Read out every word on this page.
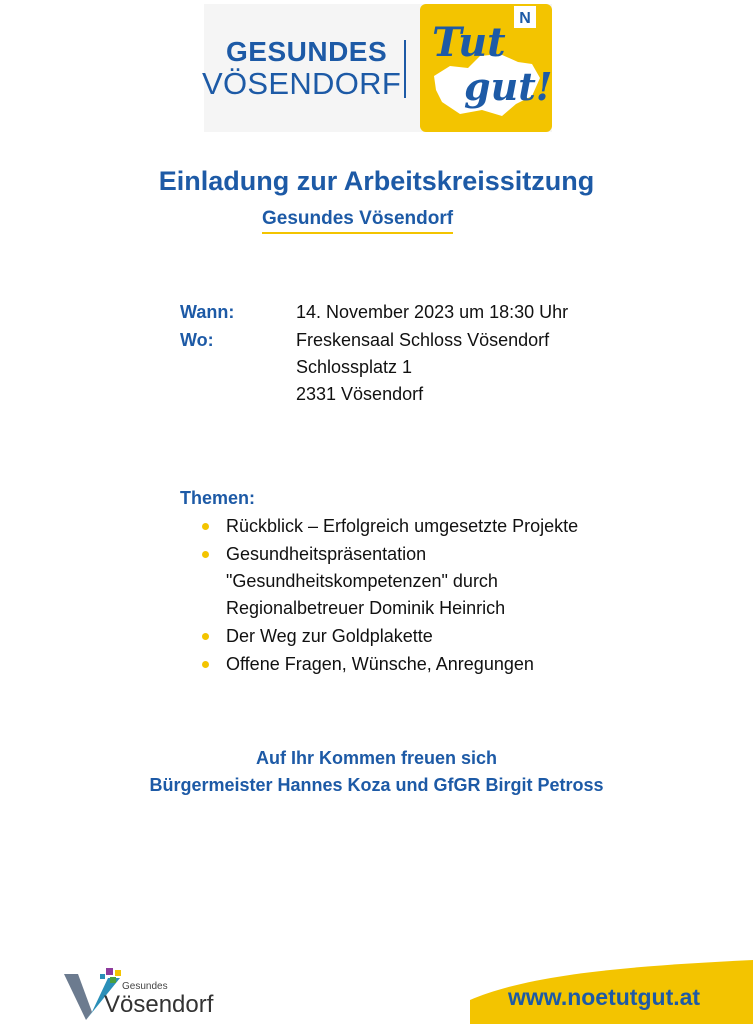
GESUNDES
VÖSENDORF
N
Tut
gut!
Einladung zur Arbeitskreissitzung
Gesundes Vösendorf
Wann:	14. November 2023 um 18:30 Uhr
Wo:	Freskensaal Schloss Vösendorf
Schlossplatz 1
2331 Vösendorf
Themen:
Rückblick – Erfolgreich umgesetzte Projekte
Gesundheitspräsentation
"Gesundheitskompetenzen" durch
Regionalbetreuer Dominik Heinrich
Der Weg zur Goldplakette
Offene Fragen, Wünsche, Anregungen
Auf Ihr Kommen freuen sich
Bürgermeister Hannes Koza und GfGR Birgit Petross
Gesundes
Vösendorf	www.noetutgut.at
